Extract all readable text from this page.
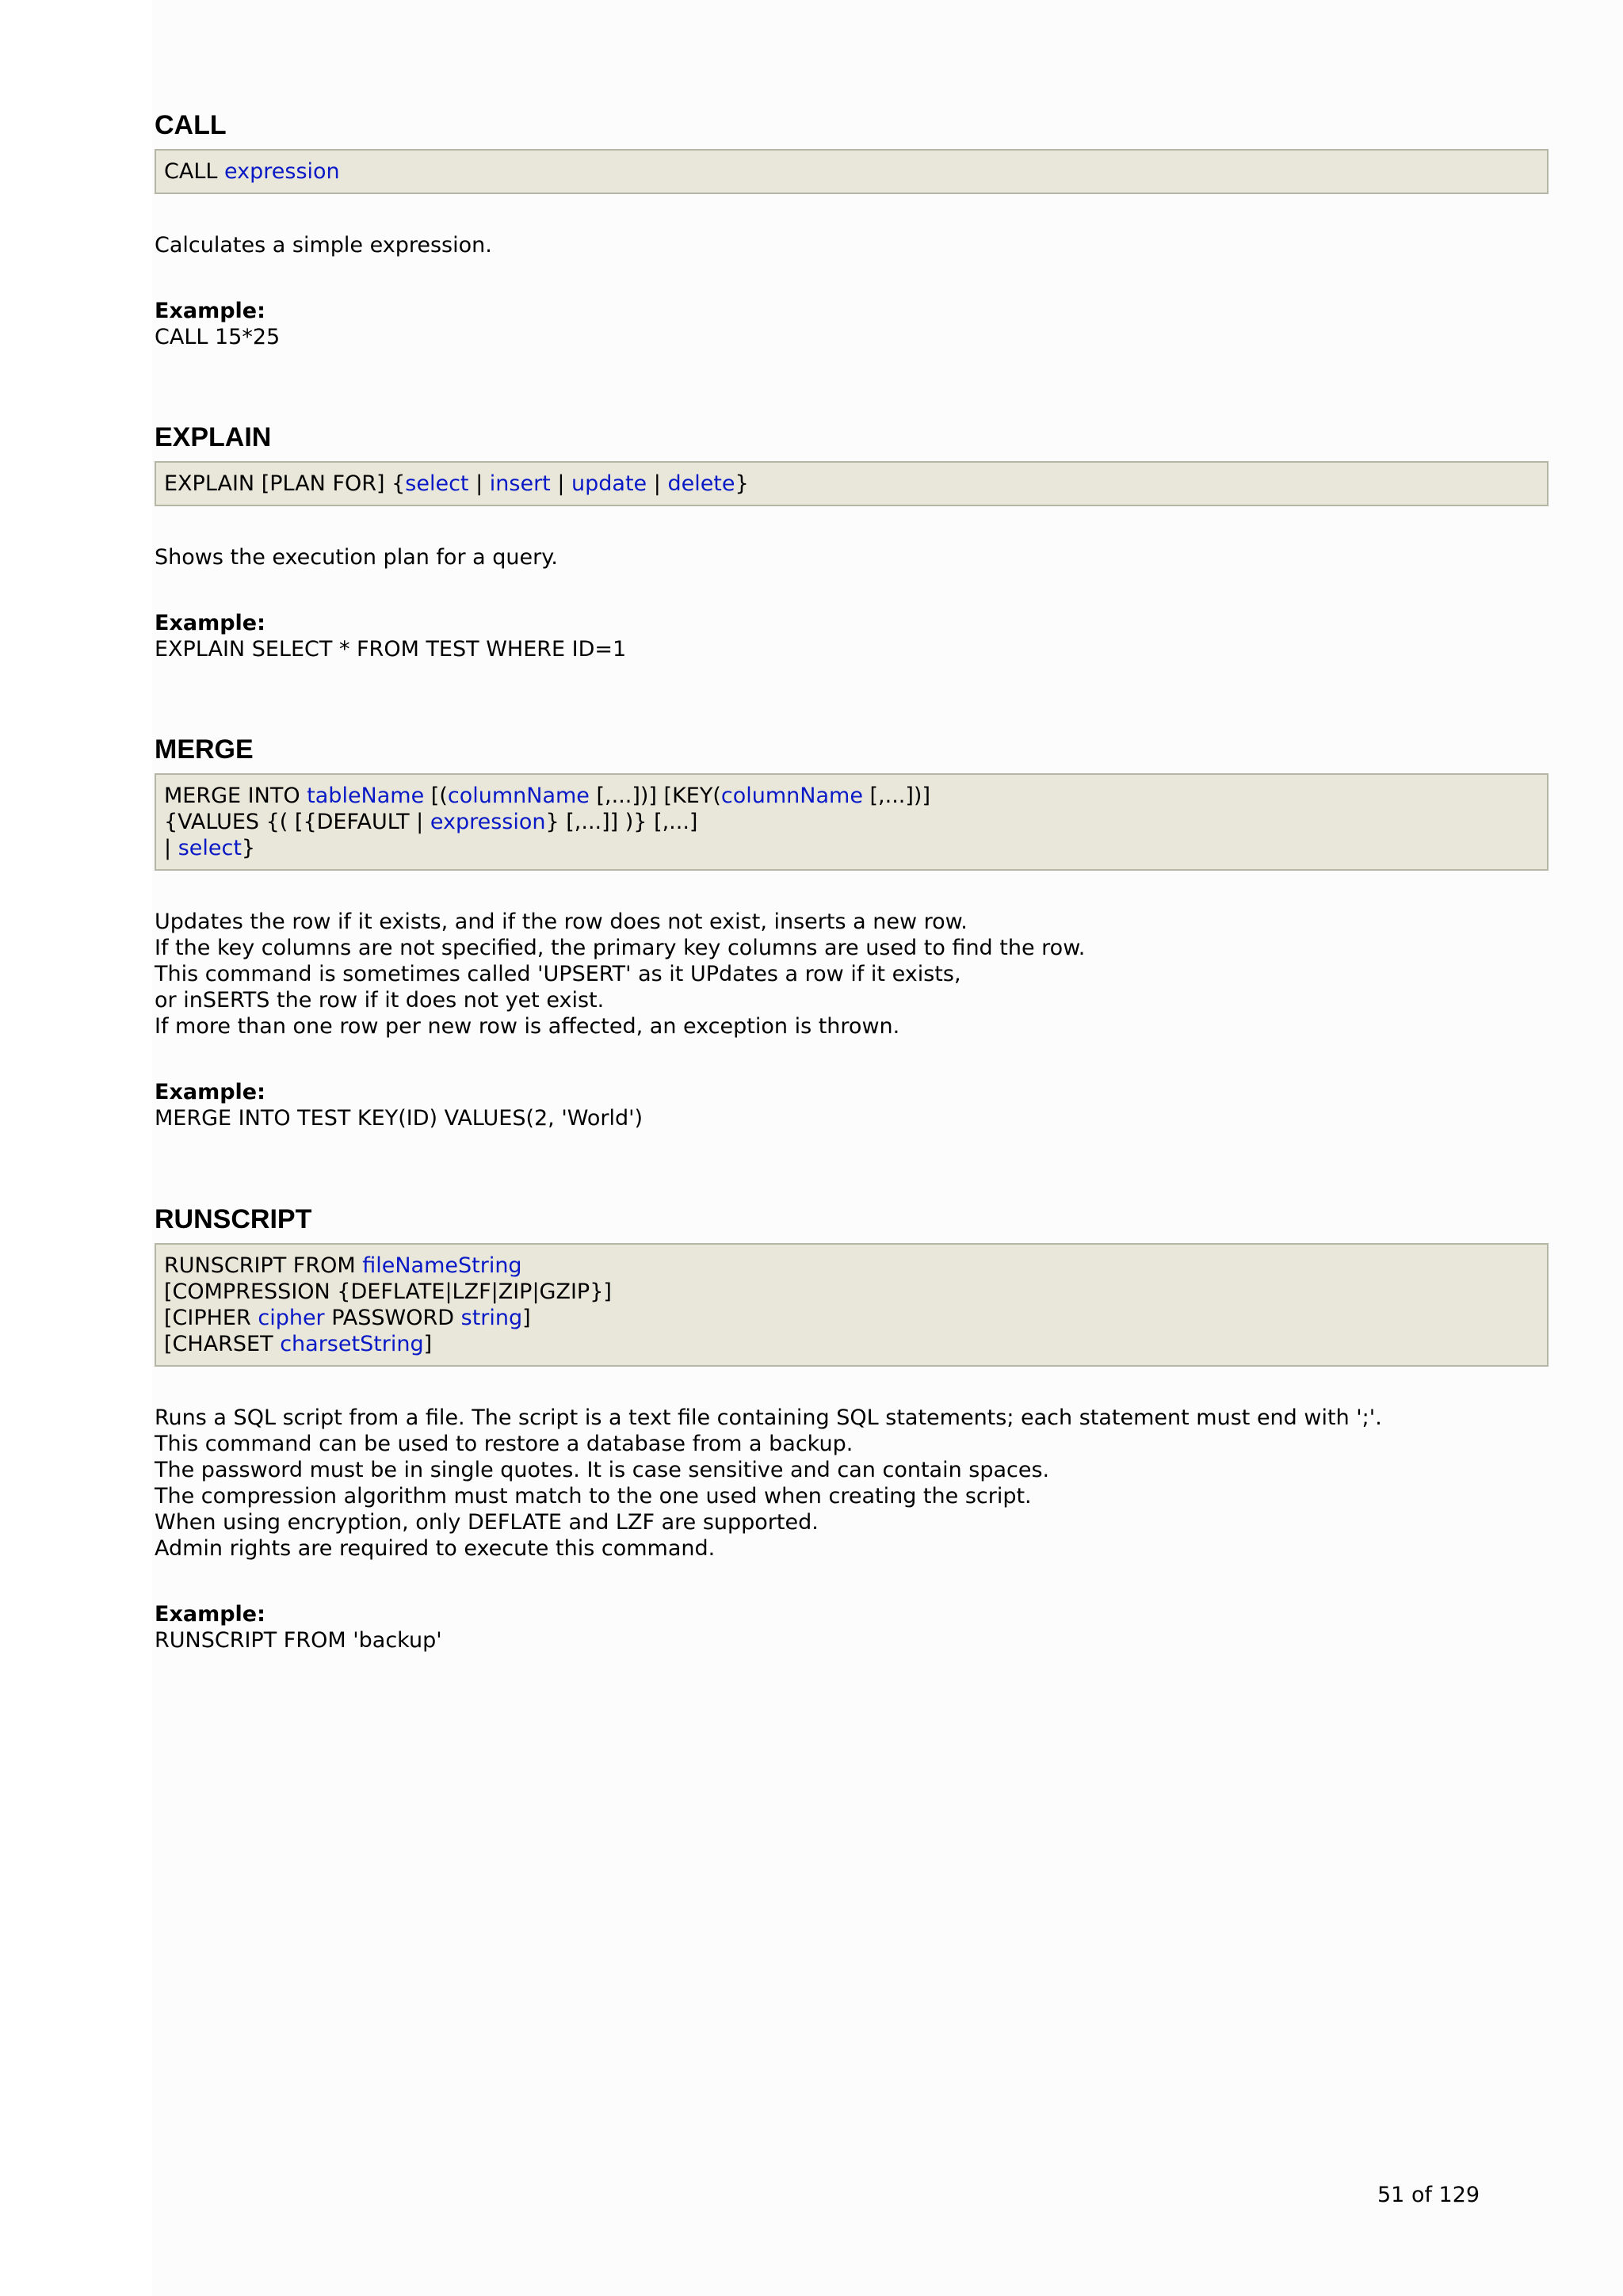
CALL
CALL expression
Calculates a simple expression.
Example:
CALL 15*25
EXPLAIN
EXPLAIN [PLAN FOR] {select | insert | update | delete}
Shows the execution plan for a query.
Example:
EXPLAIN SELECT * FROM TEST WHERE ID=1
MERGE
MERGE INTO tableName [(columnName [,...])] [KEY(columnName [,...])]
{VALUES {( [{DEFAULT | expression} [,...]] )} [,...]
| select}
Updates the row if it exists, and if the row does not exist, inserts a new row.
If the key columns are not specified, the primary key columns are used to find the row.
This command is sometimes called 'UPSERT' as it UPdates a row if it exists,
or inSERTS the row if it does not yet exist.
If more than one row per new row is affected, an exception is thrown.
Example:
MERGE INTO TEST KEY(ID) VALUES(2, 'World')
RUNSCRIPT
RUNSCRIPT FROM fileNameString
[COMPRESSION {DEFLATE|LZF|ZIP|GZIP}]
[CIPHER cipher PASSWORD string]
[CHARSET charsetString]
Runs a SQL script from a file. The script is a text file containing SQL statements; each statement must end with ';'.
This command can be used to restore a database from a backup.
The password must be in single quotes. It is case sensitive and can contain spaces.
The compression algorithm must match to the one used when creating the script.
When using encryption, only DEFLATE and LZF are supported.
Admin rights are required to execute this command.
Example:
RUNSCRIPT FROM 'backup'
51 of 129
